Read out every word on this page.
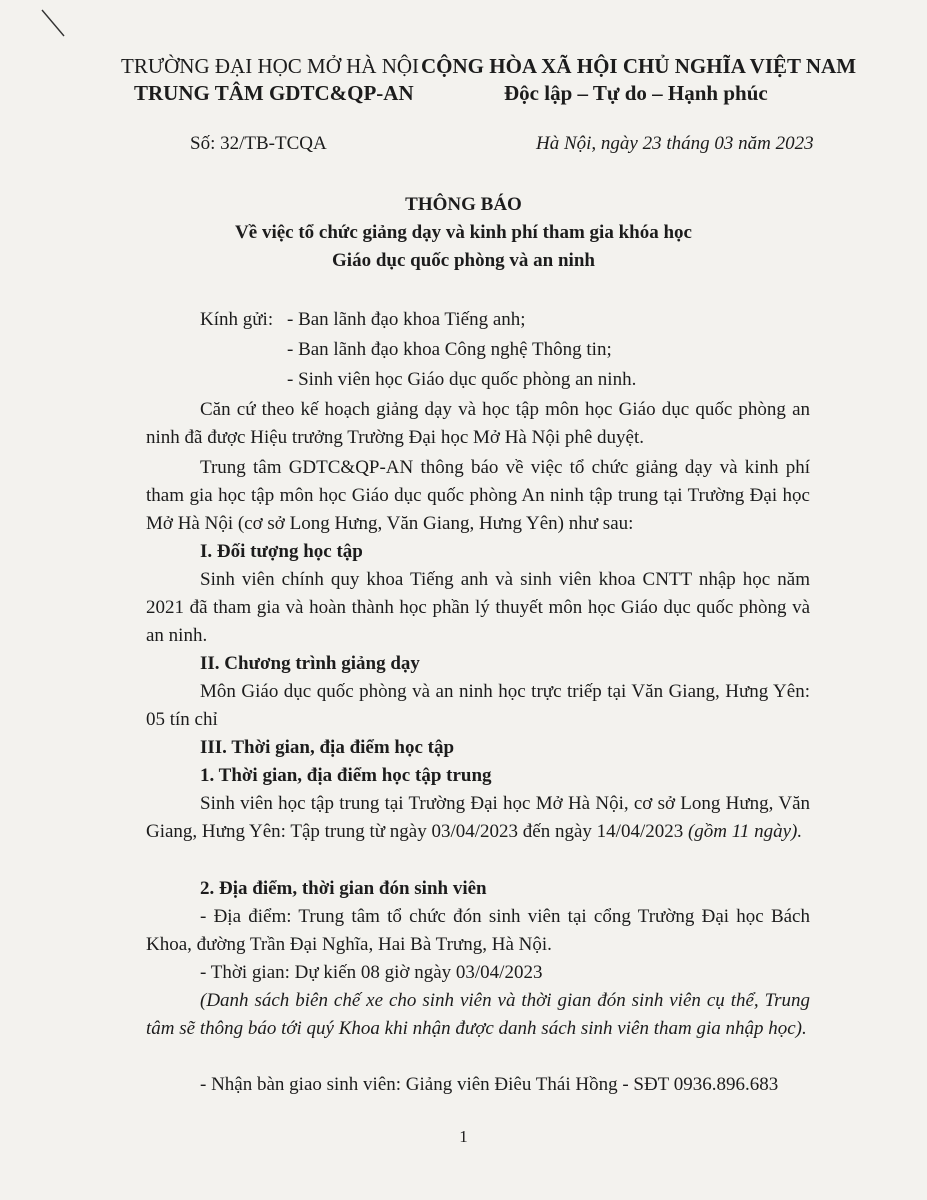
TRƯỜNG ĐẠI HỌC MỞ HÀ NỘI
TRUNG TÂM GDTC&QP-AN
CỘNG HÒA XÃ HỘI CHỦ NGHĨA VIỆT NAM
Độc lập – Tự do – Hạnh phúc
Số: 32/TB-TCQA	Hà Nội, ngày 23 tháng 03 năm 2023
THÔNG BÁO
Về việc tổ chức giảng dạy và kinh phí tham gia khóa học
Giáo dục quốc phòng và an ninh
Kính gửi: - Ban lãnh đạo khoa Tiếng anh;
- Ban lãnh đạo khoa Công nghệ Thông tin;
- Sinh viên học Giáo dục quốc phòng an ninh.
Căn cứ theo kế hoạch giảng dạy và học tập môn học Giáo dục quốc phòng an ninh đã được Hiệu trưởng Trường Đại học Mở Hà Nội phê duyệt.
Trung tâm GDTC&QP-AN thông báo về việc tổ chức giảng dạy và kinh phí tham gia học tập môn học Giáo dục quốc phòng An ninh tập trung tại Trường Đại học Mở Hà Nội (cơ sở Long Hưng, Văn Giang, Hưng Yên) như sau:
I. Đối tượng học tập
Sinh viên chính quy khoa Tiếng anh và sinh viên khoa CNTT nhập học năm 2021 đã tham gia và hoàn thành học phần lý thuyết môn học Giáo dục quốc phòng và an ninh.
II. Chương trình giảng dạy
Môn Giáo dục quốc phòng và an ninh học trực triếp tại Văn Giang, Hưng Yên: 05 tín chỉ
III. Thời gian, địa điểm học tập
1. Thời gian, địa điểm học tập trung
Sinh viên học tập trung tại Trường Đại học Mở Hà Nội, cơ sở Long Hưng, Văn Giang, Hưng Yên: Tập trung từ ngày 03/04/2023 đến ngày 14/04/2023 (gồm 11 ngày).
2. Địa điểm, thời gian đón sinh viên
- Địa điểm: Trung tâm tổ chức đón sinh viên tại cổng Trường Đại học Bách Khoa, đường Trần Đại Nghĩa, Hai Bà Trưng, Hà Nội.
- Thời gian: Dự kiến 08 giờ ngày 03/04/2023
(Danh sách biên chế xe cho sinh viên và thời gian đón sinh viên cụ thể, Trung tâm sẽ thông báo tới quý Khoa khi nhận được danh sách sinh viên tham gia nhập học).
- Nhận bàn giao sinh viên: Giảng viên Điêu Thái Hồng - SĐT 0936.896.683
1
